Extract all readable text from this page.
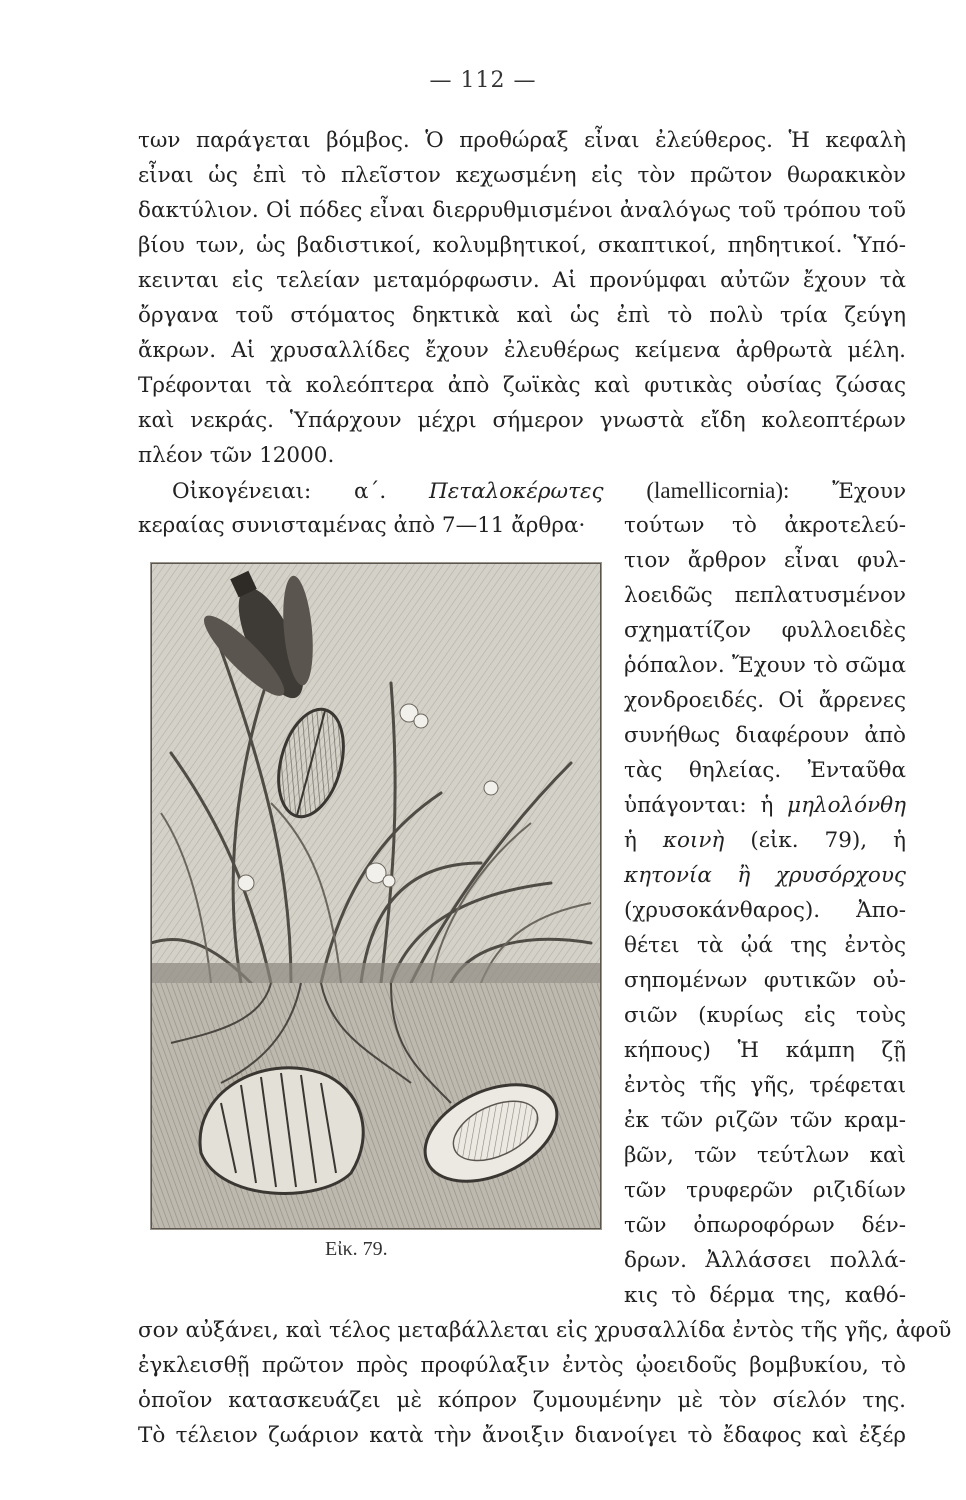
— 112 —
των παράγεται βόμβος. Ὁ προθώραξ εἶναι ἐλεύθερος. Ἡ κεφαλὴ
εἶναι ὡς ἐπὶ τὸ πλεῖστον κεχωσμένη εἰς τὸν πρῶτον θωρακικὸν
δακτύλιον. Οἱ πόδες εἶναι διερρυθμισμένοι ἀναλόγως τοῦ τρόπου τοῦ
βίου των, ὡς βαδιστικοί, κολυμβητικοί, σκαπτικοί, πηδητικοί. Ὑπό-
κεινται εἰς τελείαν μεταμόρφωσιν. Αἱ προνύμφαι αὐτῶν ἔχουν τὰ
ὄργανα τοῦ στόματος δηκτικὰ καὶ ὡς ἐπὶ τὸ πολὺ τρία ζεύγη
ἄκρων. Αἱ χρυσαλλίδες ἔχουν ἐλευθέρως κείμενα ἀρθρωτὰ μέλη.
Τρέφονται τὰ κολεόπτερα ἀπὸ ζωϊκὰς καὶ φυτικὰς οὐσίας ζώσας
καὶ νεκράς. Ὑπάρχουν μέχρι σήμερον γνωστὰ εἴδη κολεοπτέρων
πλέον τῶν 12000.
Οἰκογένειαι: α΄. Πεταλοκέρωτες (lamellicornia): Ἔχουν
κεραίας συνισταμένας ἀπὸ 7—11 ἄρθρα·	τούτων τὸ ἀκροτελεύ-
τιον ἄρθρον εἶναι φυλ-
λοειδῶς πεπλατυσμένον
σχηματίζον φυλλοειδὲς
ῥόπαλον. Ἔχουν τὸ σῶμα
χονδροειδές. Οἱ ἄρρενες
συνήθως διαφέρουν ἀπὸ
τὰς θηλείας. Ἐνταῦθα
ὑπάγονται: ἡ μηλολόνθη
ἡ κοινὴ (εἰκ. 79), ἡ
κητονία ἢ χρυσόρχους
(χρυσοκάνθαρος). Ἀπο-
θέτει τὰ ᾠά της ἐντὸς
σηπομένων φυτικῶν οὐ-
σιῶν (κυρίως εἰς τοὺς
κήπους) Ἡ κάμπη ζῇ
ἐντὸς τῆς γῆς, τρέφεται
ἐκ τῶν ριζῶν τῶν κραμ-
βῶν, τῶν τεύτλων καὶ
τῶν τρυφερῶν ριζιδίων
τῶν ὀπωροφόρων δέν-
δρων. Ἀλλάσσει πολλά-
κις τὸ δέρμα της, καθό-
σον αὐξάνει, καὶ τέλος μεταβάλλεται εἰς χρυσαλλίδα ἐντὸς τῆς γῆς, ἀφοῦ
ἐγκλεισθῇ πρῶτον πρὸς προφύλαξιν ἐντὸς ᾠοειδοῦς βομβυκίου, τὸ
ὁποῖον κατασκευάζει μὲ κόπρον ζυμουμένην μὲ τὸν σίελόν της.
Τὸ τέλειον ζωάριον κατὰ τὴν ἄνοιξιν διανοίγει τὸ ἔδαφος καὶ ἐξέρ
Εἰκ. 79.
